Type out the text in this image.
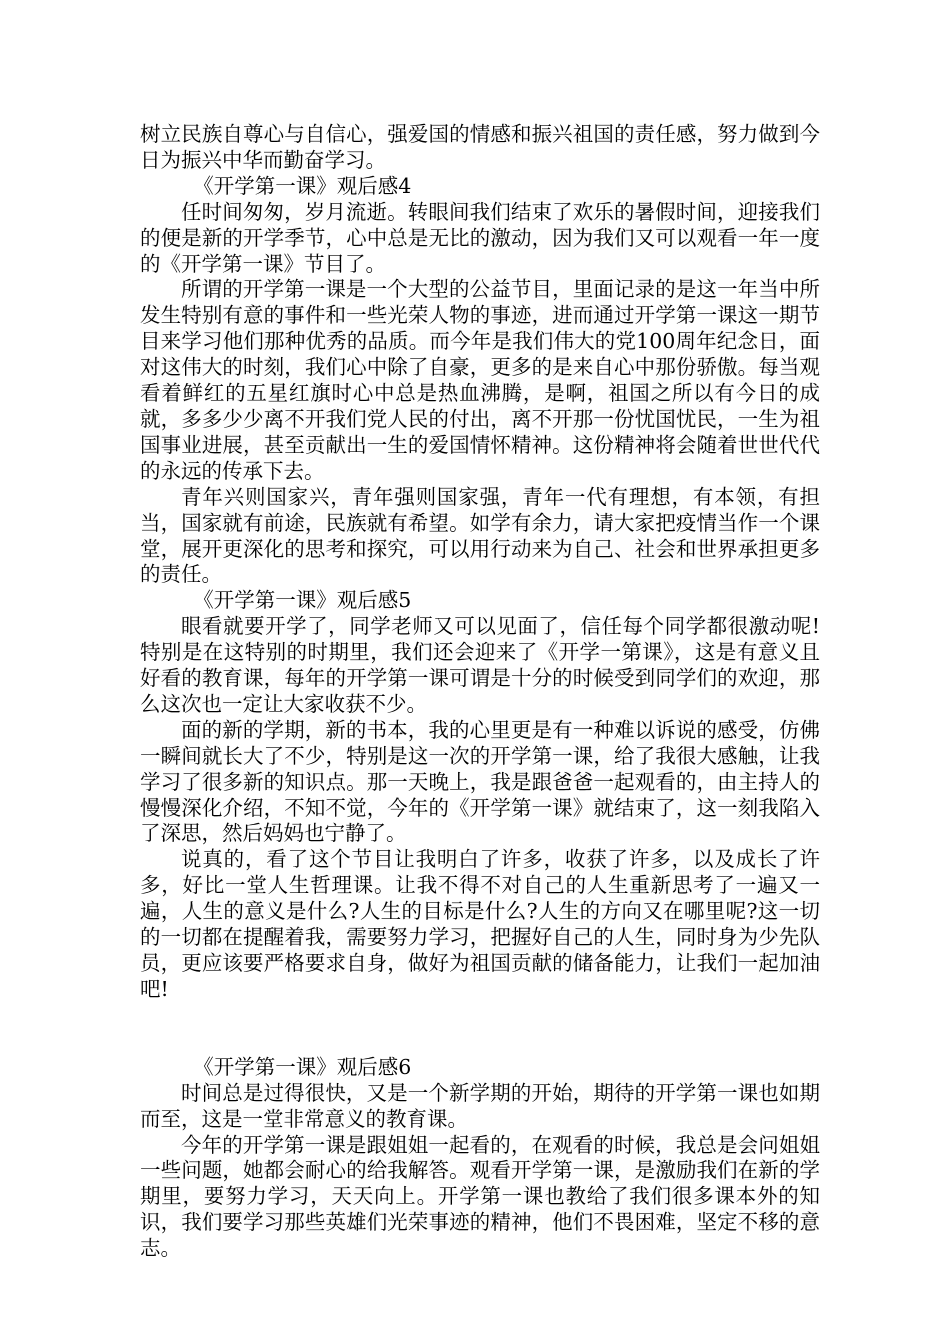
树立民族自尊心与自信心，强爱国的情感和振兴祖国的责任感，努力做到今日为振兴中华而勤奋学习。

《开学第一课》观后感4

任时间匆匆，岁月流逝。转眼间我们结束了欢乐的暑假时间，迎接我们的便是新的开学季节，心中总是无比的激动，因为我们又可以观看一年一度的《开学第一课》节目了。

所谓的开学第一课是一个大型的公益节目，里面记录的是这一年当中所发生特别有意的事件和一些光荣人物的事迹，进而通过开学第一课这一期节目来学习他们那种优秀的品质。而今年是我们伟大的党100周年纪念日，面对这伟大的时刻，我们心中除了自豪，更多的是来自心中那份骄傲。每当观看着鲜红的五星红旗时心中总是热血沸腾，是啊，祖国之所以有今日的成就，多多少少离不开我们党人民的付出，离不开那一份忧国忧民，一生为祖国事业进展，甚至贡献出一生的爱国情怀精神。这份精神将会随着世世代代的永远的传承下去。

青年兴则国家兴，青年强则国家强，青年一代有理想，有本领，有担当，国家就有前途，民族就有希望。如学有余力，请大家把疫情当作一个课堂，展开更深化的思考和探究，可以用行动来为自己、社会和世界承担更多的责任。

《开学第一课》观后感5

眼看就要开学了，同学老师又可以见面了，信任每个同学都很激动呢!特别是在这特别的时期里，我们还会迎来了《开学一第课》，这是有意义且好看的教育课，每年的开学第一课可谓是十分的时候受到同学们的欢迎，那么这次也一定让大家收获不少。

面的新的学期，新的书本，我的心里更是有一种难以诉说的感受，仿佛一瞬间就长大了不少，特别是这一次的开学第一课，给了我很大感触，让我学习了很多新的知识点。那一天晚上，我是跟爸爸一起观看的，由主持人的慢慢深化介绍，不知不觉，今年的《开学第一课》就结束了，这一刻我陷入了深思，然后妈妈也宁静了。

说真的，看了这个节目让我明白了许多，收获了许多，以及成长了许多，好比一堂人生哲理课。让我不得不对自己的人生重新思考了一遍又一遍，人生的意义是什么?人生的目标是什么?人生的方向又在哪里呢?这一切的一切都在提醒着我，需要努力学习，把握好自己的人生，同时身为少先队员，更应该要严格要求自身，做好为祖国贡献的储备能力，让我们一起加油吧!

《开学第一课》观后感6

时间总是过得很快，又是一个新学期的开始，期待的开学第一课也如期而至，这是一堂非常意义的教育课。

今年的开学第一课是跟姐姐一起看的，在观看的时候，我总是会问姐姐一些问题，她都会耐心的给我解答。观看开学第一课，是激励我们在新的学期里，要努力学习，天天向上。开学第一课也教给了我们很多课本外的知识，我们要学习那些英雄们光荣事迹的精神，他们不畏困难，坚定不移的意志。
